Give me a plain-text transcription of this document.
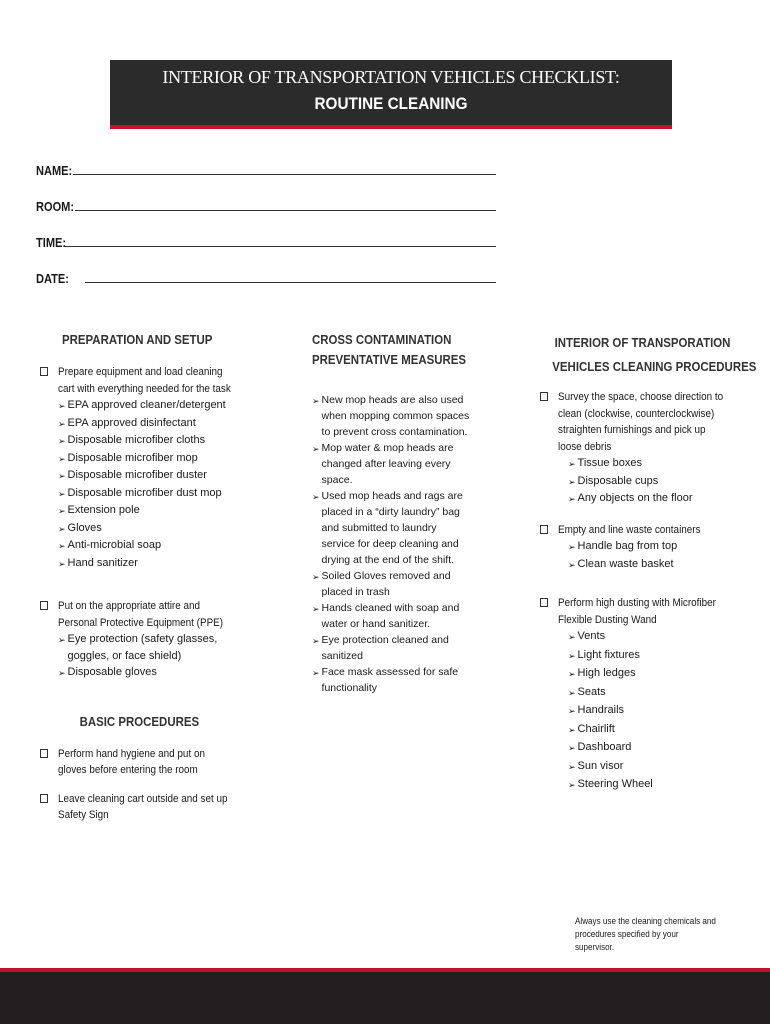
INTERIOR OF TRANSPORTATION VEHICLES CHECKLIST:
ROUTINE CLEANING
NAME:
ROOM:
TIME:
DATE:
PREPARATION AND SETUP
Prepare equipment and load cleaning cart with everything needed for the task
➢ EPA approved cleaner/detergent
➢ EPA approved disinfectant
➢ Disposable microfiber cloths
➢ Disposable microfiber mop
➢ Disposable microfiber duster
➢ Disposable microfiber dust mop
➢ Extension pole
➢ Gloves
➢ Anti-microbial soap
➢ Hand sanitizer
Put on the appropriate attire and Personal Protective Equipment (PPE)
➢ Eye protection (safety glasses, goggles, or face shield)
➢ Disposable gloves
BASIC PROCEDURES
Perform hand hygiene and put on gloves before entering the room
Leave cleaning cart outside and set up Safety Sign
CROSS CONTAMINATION
PREVENTATIVE MEASURES
➢ New mop heads are also used when mopping common spaces to prevent cross contamination.
➢ Mop water & mop heads are changed after leaving every space.
➢ Used mop heads and rags are placed in a “dirty laundry” bag and submitted to laundry service for deep cleaning and drying at the end of the shift.
➢ Soiled Gloves removed and placed in trash
➢ Hands cleaned with soap and water or hand sanitizer.
➢ Eye protection cleaned and sanitized
➢ Face mask assessed for safe functionality
INTERIOR OF TRANSPORATION
VEHICLES CLEANING PROCEDURES
Survey the space, choose direction to clean (clockwise, counterclockwise) straighten furnishings and pick up loose debris
➢ Tissue boxes
➢ Disposable cups
➢ Any objects on the floor
Empty and line waste containers
➢ Handle bag from top
➢ Clean waste basket
Perform high dusting with Microfiber Flexible Dusting Wand
➢ Vents
➢ Light fixtures
➢ High ledges
➢ Seats
➢ Handrails
➢ Chairlift
➢ Dashboard
➢ Sun visor
➢ Steering Wheel
Always use the cleaning chemicals and procedures specified by your supervisor.
